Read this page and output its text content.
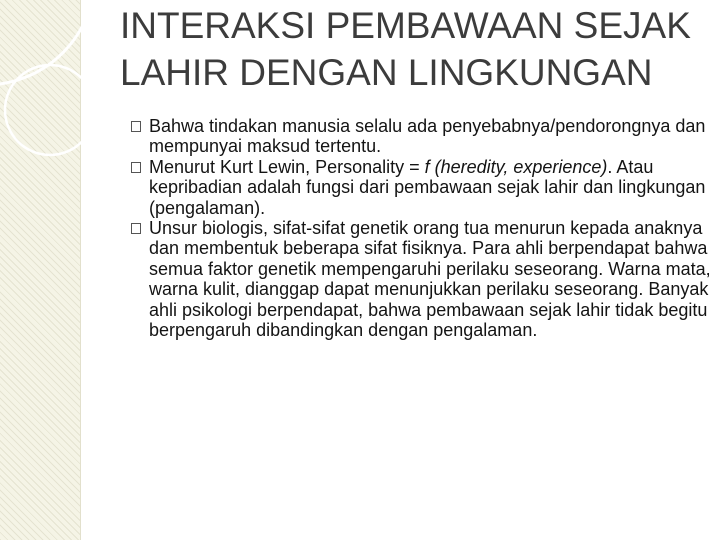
INTERAKSI PEMBAWAAN SEJAK LAHIR DENGAN LINGKUNGAN
Bahwa tindakan manusia selalu ada penyebabnya/pendorongnya dan mempunyai maksud tertentu.
Menurut Kurt Lewin, Personality = f (heredity, experience). Atau kepribadian adalah fungsi dari pembawaan sejak lahir dan lingkungan (pengalaman).
Unsur biologis, sifat-sifat genetik orang tua menurun kepada anaknya dan membentuk beberapa sifat fisiknya. Para ahli berpendapat bahwa semua faktor genetik mempengaruhi perilaku seseorang. Warna mata, warna kulit, dianggap dapat menunjukkan perilaku seseorang. Banyak ahli psikologi berpendapat, bahwa pembawaan sejak lahir tidak begitu berpengaruh dibandingkan dengan pengalaman.
